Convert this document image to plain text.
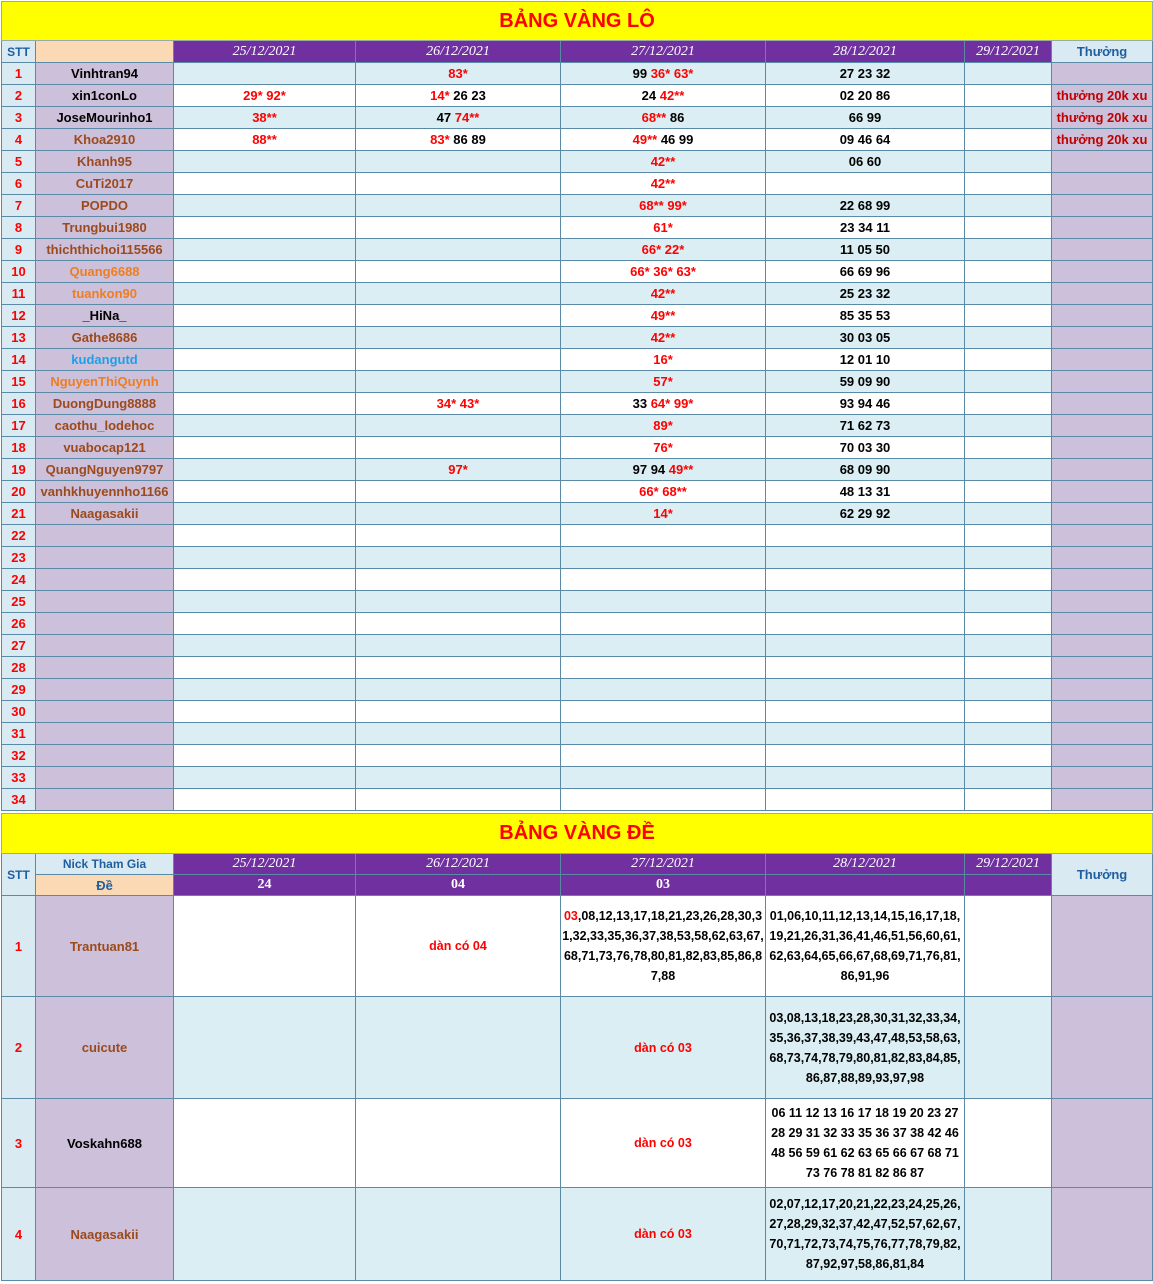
BẢNG VÀNG LÔ							
STT		25/12/2021	26/12/2021	27/12/2021	28/12/2021	29/12/2021	Thưởng
1	Vinhtran94		83*	99 36* 63*	27 23 32		
2	xin1conLo	29* 92*	14* 26 23	24 42**	02 20 86		thưởng 20k xu
3	JoseMourinho1	38**	47 74**	68** 86	66 99		thưởng 20k xu
4	Khoa2910	88**	83* 86 89	49** 46 99	09 46 64		thưởng 20k xu
5	Khanh95			42**	06 60		
6	CuTi2017			42**			
7	POPDO			68** 99*	22 68 99		
8	Trungbui1980			61*	23 34 11		
9	thichthichoi115566			66* 22*	11 05 50		
10	Quang6688			66* 36* 63*	66 69 96		
11	tuankon90			42**	25 23 32		
12	_HiNa_			49**	85 35 53		
13	Gathe8686			42**	30 03 05		
14	kudangutd			16*	12 01 10		
15	NguyenThiQuynh			57*	59 09 90		
16	DuongDung8888		34* 43*	33 64* 99*	93 94 46		
17	caothu_lodehoc			89*	71 62 73		
18	vuabocap121			76*	70 03 30		
19	QuangNguyen9797		97*	97 94 49**	68 09 90		
20	vanhkhuyennho1166			66* 68**	48 13 31		
21	Naagasakii			14*	62 29 92		
22							
23							
24							
25							
26							
27							
28							
29							
30							
31							
32							
33							
34							
BẢNG VÀNG ĐỀ							
STT	Nick Tham Gia	25/12/2021	26/12/2021	27/12/2021	28/12/2021	29/12/2021	Thưởng
	Đề	24	04	03			
1	Trantuan81		dàn có 04	03,08,12,13,17,18,21,23,26,28,30,31,32,33,35,36,37,38,53,58,62,63,67,68,71,73,76,78,80,81,82,83,85,86,87,88	01,06,10,11,12,13,14,15,16,17,18,19,21,26,31,36,41,46,51,56,60,61,62,63,64,65,66,67,68,69,71,76,81,86,91,96		
2	cuicute			dàn có 03	03,08,13,18,23,28,30,31,32,33,34,35,36,37,38,39,43,47,48,53,58,63,68,73,74,78,79,80,81,82,83,84,85,86,87,88,89,93,97,98		
3	Voskahn688			dàn có 03	06 11 12 13 16 17 18 19 20 23 27 28 29 31 32 33 35 36 37 38 42 46 48 56 59 61 62 63 65 66 67 68 71 73 76 78 81 82 86 87		
4	Naagasakii			dàn có 03	02,07,12,17,20,21,22,23,24,25,26,27,28,29,32,37,42,47,52,57,62,67,70,71,72,73,74,75,76,77,78,79,82,87,92,97,58,86,81,84		
